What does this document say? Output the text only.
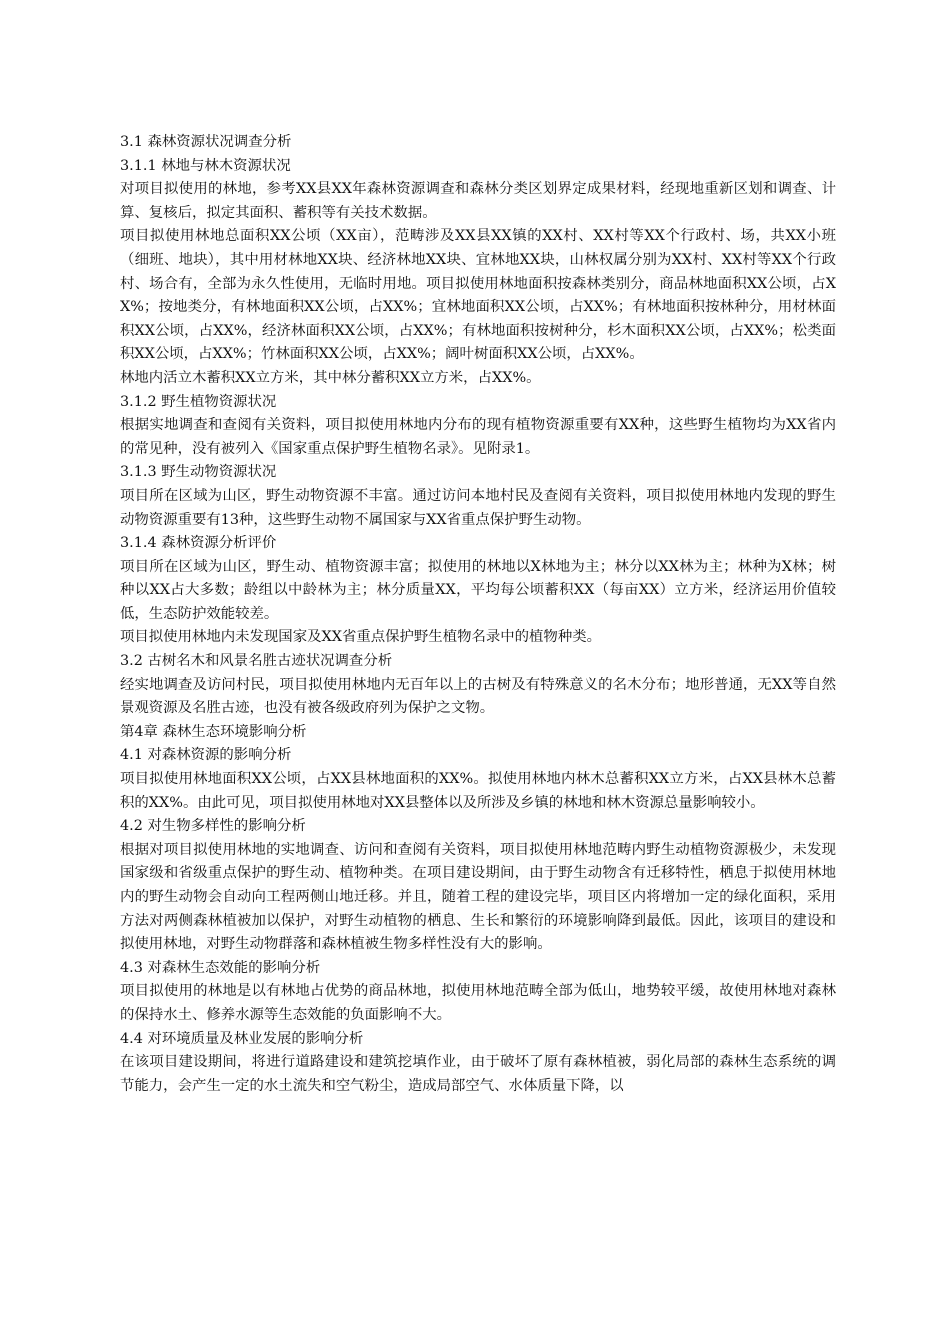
3.1 森林资源状况调查分析

3.1.1 林地与林木资源状况

对项目拟使用的林地，参考XX县XX年森林资源调查和森林分类区划界定成果材料，经现地重新区划和调查、计算、复核后，拟定其面积、蓄积等有关技术数据。

项目拟使用林地总面积XX公顷（XX亩），范畴涉及XX县XX镇的XX村、XX村等XX个行政村、场，共XX小班（细班、地块），其中用材林地XX块、经济林地XX块、宜林地XX块，山林权属分别为XX村、XX村等XX个行政村、场合有，全部为永久性使用，无临时用地。项目拟使用林地面积按森林类别分，商品林地面积XX公顷，占XX%；按地类分，有林地面积XX公顷，占XX%；宜林地面积XX公顷，占XX%；有林地面积按林种分，用材林面积XX公顷，占XX%，经济林面积XX公顷，占XX%；有林地面积按树种分，杉木面积XX公顷，占XX%；松类面积XX公顷，占XX%；竹林面积XX公顷，占XX%；阔叶树面积XX公顷，占XX%。

林地内活立木蓄积XX立方米，其中林分蓄积XX立方米，占XX%。

3.1.2 野生植物资源状况

根据实地调查和查阅有关资料，项目拟使用林地内分布的现有植物资源重要有XX种，这些野生植物均为XX省内的常见种，没有被列入《国家重点保护野生植物名录》。见附录1。

3.1.3 野生动物资源状况

项目所在区域为山区，野生动物资源不丰富。通过访问本地村民及查阅有关资料，项目拟使用林地内发现的野生动物资源重要有13种，这些野生动物不属国家与XX省重点保护野生动物。

3.1.4 森林资源分析评价

项目所在区域为山区，野生动、植物资源丰富；拟使用的林地以X林地为主；林分以XX林为主；林种为X林；树种以XX占大多数；龄组以中龄林为主；林分质量XX，平均每公顷蓄积XX（每亩XX）立方米，经济运用价值较低，生态防护效能较差。

项目拟使用林地内未发现国家及XX省重点保护野生植物名录中的植物种类。

3.2 古树名木和风景名胜古迹状况调查分析

经实地调查及访问村民，项目拟使用林地内无百年以上的古树及有特殊意义的名木分布；地形普通，无XX等自然景观资源及名胜古迹，也没有被各级政府列为保护之文物。

第4章 森林生态环境影响分析

4.1 对森林资源的影响分析

项目拟使用林地面积XX公顷，占XX县林地面积的XX%。拟使用林地内林木总蓄积XX立方米，占XX县林木总蓄积的XX%。由此可见，项目拟使用林地对XX县整体以及所涉及乡镇的林地和林木资源总量影响较小。

4.2 对生物多样性的影响分析

根据对项目拟使用林地的实地调查、访问和查阅有关资料，项目拟使用林地范畴内野生动植物资源极少，未发现国家级和省级重点保护的野生动、植物种类。在项目建设期间，由于野生动物含有迁移特性，栖息于拟使用林地内的野生动物会自动向工程两侧山地迁移。并且，随着工程的建设完毕，项目区内将增加一定的绿化面积，采用方法对两侧森林植被加以保护，对野生动植物的栖息、生长和繁衍的环境影响降到最低。因此，该项目的建设和拟使用林地，对野生动物群落和森林植被生物多样性没有大的影响。

4.3 对森林生态效能的影响分析

项目拟使用的林地是以有林地占优势的商品林地，拟使用林地范畴全部为低山，地势较平缓，故使用林地对森林的保持水土、修养水源等生态效能的负面影响不大。

4.4 对环境质量及林业发展的影响分析

在该项目建设期间，将进行道路建设和建筑挖填作业，由于破坏了原有森林植被，弱化局部的森林生态系统的调节能力，会产生一定的水土流失和空气粉尘，造成局部空气、水体质量下降，以
